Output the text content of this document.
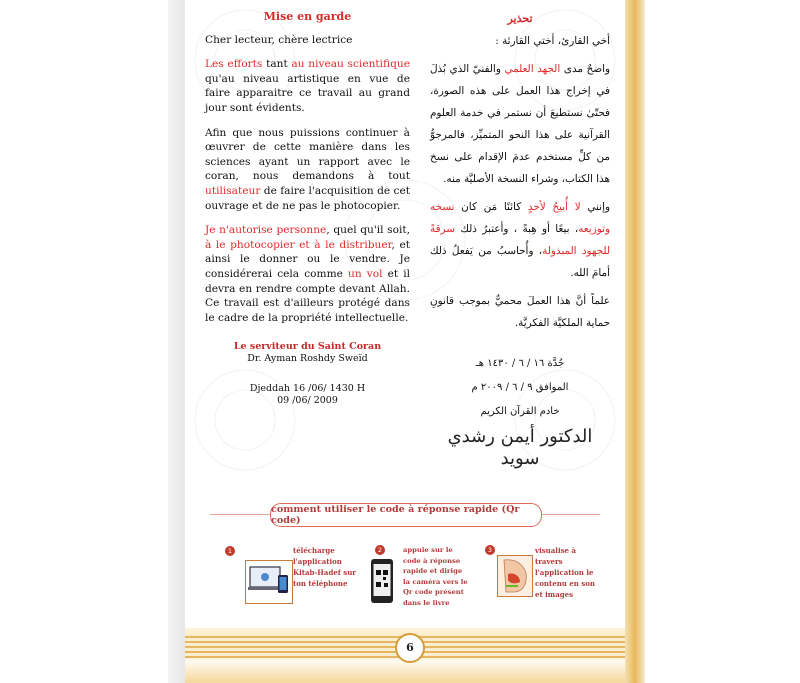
Mise en garde

Cher lecteur, chère lectrice

Les efforts tant au niveau scientifique qu'au niveau artistique en vue de faire apparaitre ce travail au grand jour sont évidents.

Afin que nous puissions continuer à œuvrer de cette manière dans les sciences ayant un rapport avec le coran, nous demandons à tout utilisateur de faire l'acquisition de cet ouvrage et de ne pas le photocopier.

Je n'autorise personne, quel qu'il soit, à le photocopier et à le distribuer, et ainsi le donner ou le vendre. Je considérerai cela comme un vol et il devra en rendre compte devant Allah. Ce travail est d'ailleurs protégé dans le cadre de la propriété intellectuelle.

Le serviteur du Saint Coran
Dr. Ayman Roshdy Sweïd
Djeddah 16 /06/ 1430 H
09 /06/ 2009
تحذير

أخي القارئ، أختي القارئة :

واضحٌ مدى الجهد العلمي والفنيّ الذي بُذلَ في إخراج هذا العمل على هذه الصورة، فحتّىٰ نستطيعَ أن نستمر في خدمة العلوم القرآنية على هذا النحو المتميِّز، فالمرجوُّ من كلِّ مستخدم عدمَ الإقدام على نسخ هذا الكتاب، وشراء النسخة الأصليَّة منه.

وإنني لا أُبيحُ لأحدٍ كائنًا مَن كان نسخه وتوزيعه، بيعًا أو هِبةً ، وأعتبرُ ذلك سرقةً للجهود المبذولة، وأُحاسبُ من يَفعلُ ذلك أمامَ الله.

علماً أنَّ هذا العملَ محميٌّ بموجب قانونِ حماية الملكيَّة الفكريَّة.

جُدَّة ١٦ / ٦ / ١٤٣٠ هـ
الموافق ٩ / ٦ / ٢٠٠٩ م
خادم القرآن الكريم
الدكتور أيمن رشدي سويد
comment utiliser le code à réponse rapide (Qr code)
1	télécharge l'application Kitab-Hadef sur ton téléphone
2	appuie sur le code à réponse rapide et dirige la caméra vers le Qr code présent dans le livre
3	visualise à travers l'application le contenu en son et images
6
